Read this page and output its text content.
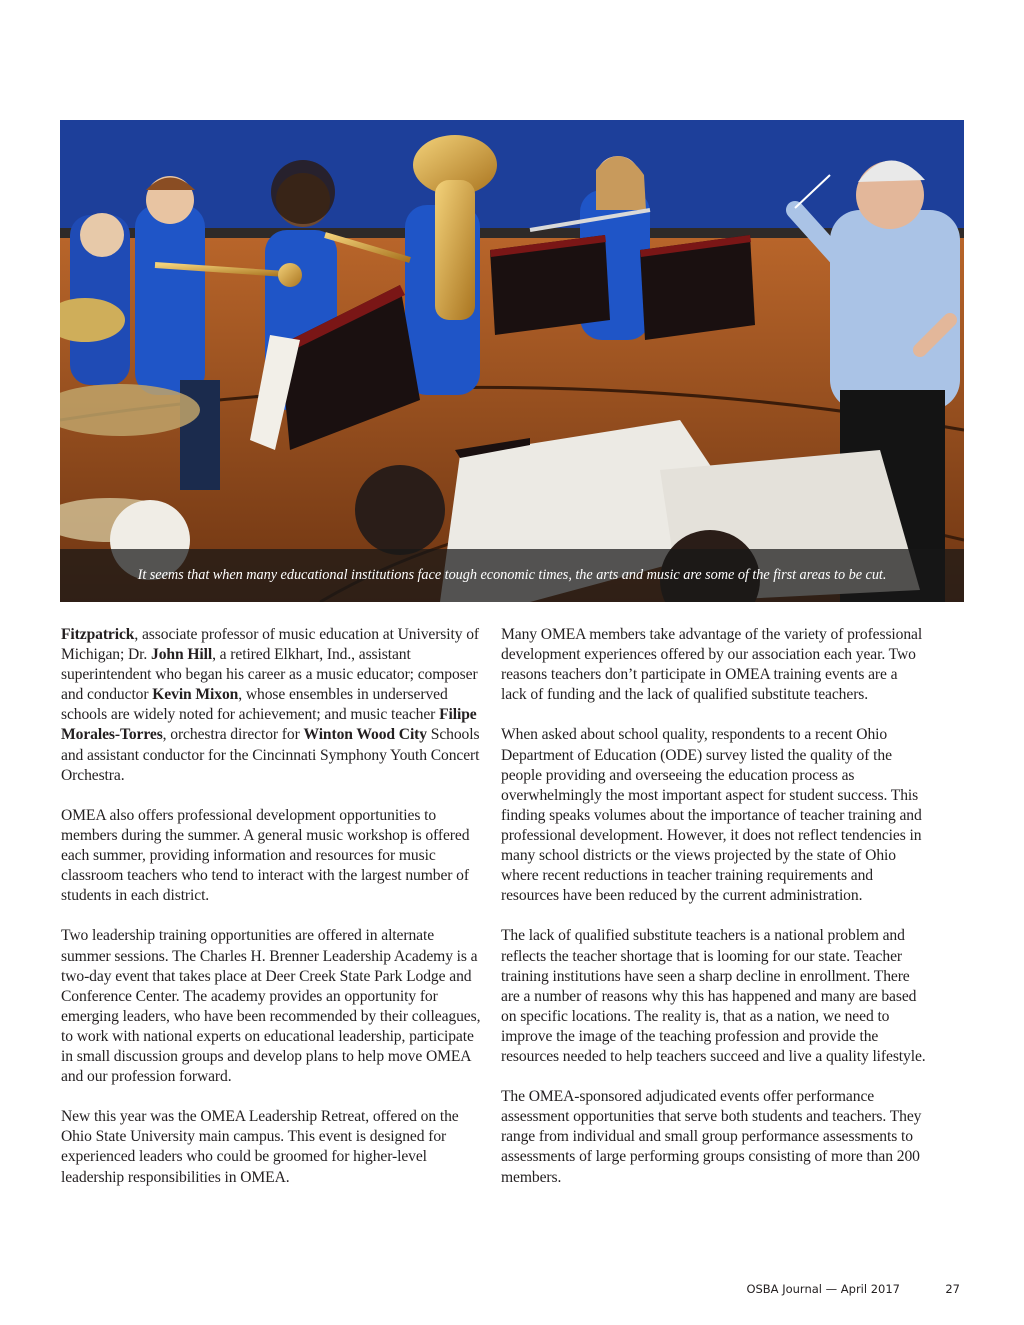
It seems that when many educational institutions face tough economic times, the arts and music are some of the first areas to be cut.

Fitzpatrick, associate professor of music education at University of Michigan; Dr. John Hill, a retired Elkhart, Ind., assistant superintendent who began his career as a music educator; composer and conductor Kevin Mixon, whose ensembles in underserved schools are widely noted for achievement; and music teacher Filipe Morales-Torres, orchestra director for Winton Wood City Schools and assistant conductor for the Cincinnati Symphony Youth Concert Orchestra.

OMEA also offers professional development opportunities to members during the summer. A general music workshop is offered each summer, providing information and resources for music classroom teachers who tend to interact with the largest number of students in each district.

Two leadership training opportunities are offered in alternate summer sessions. The Charles H. Brenner Leadership Academy is a two-day event that takes place at Deer Creek State Park Lodge and Conference Center. The academy provides an opportunity for emerging leaders, who have been recommended by their colleagues, to work with national experts on educational leadership, participate in small discussion groups and develop plans to help move OMEA and our profession forward.

New this year was the OMEA Leadership Retreat, offered on the Ohio State University main campus. This event is designed for experienced leaders who could be groomed for higher-level leadership responsibilities in OMEA.

Many OMEA members take advantage of the variety of professional development experiences offered by our association each year. Two reasons teachers don’t participate in OMEA training events are a lack of funding and the lack of qualified substitute teachers.

When asked about school quality, respondents to a recent Ohio Department of Education (ODE) survey listed the quality of the people providing and overseeing the education process as overwhelmingly the most important aspect for student success. This finding speaks volumes about the importance of teacher training and professional development. However, it does not reflect tendencies in many school districts or the views projected by the state of Ohio where recent reductions in teacher training requirements and resources have been reduced by the current administration.

The lack of qualified substitute teachers is a national problem and reflects the teacher shortage that is looming for our state. Teacher training institutions have seen a sharp decline in enrollment. There are a number of reasons why this has happened and many are based on specific locations. The reality is, that as a nation, we need to improve the image of the teaching profession and provide the resources needed to help teachers succeed and live a quality lifestyle.

The OMEA-sponsored adjudicated events offer performance assessment opportunities that serve both students and teachers. They range from individual and small group performance assessments to assessments of large performing groups consisting of more than 200 members.

OSBA Journal — April 2017	27
